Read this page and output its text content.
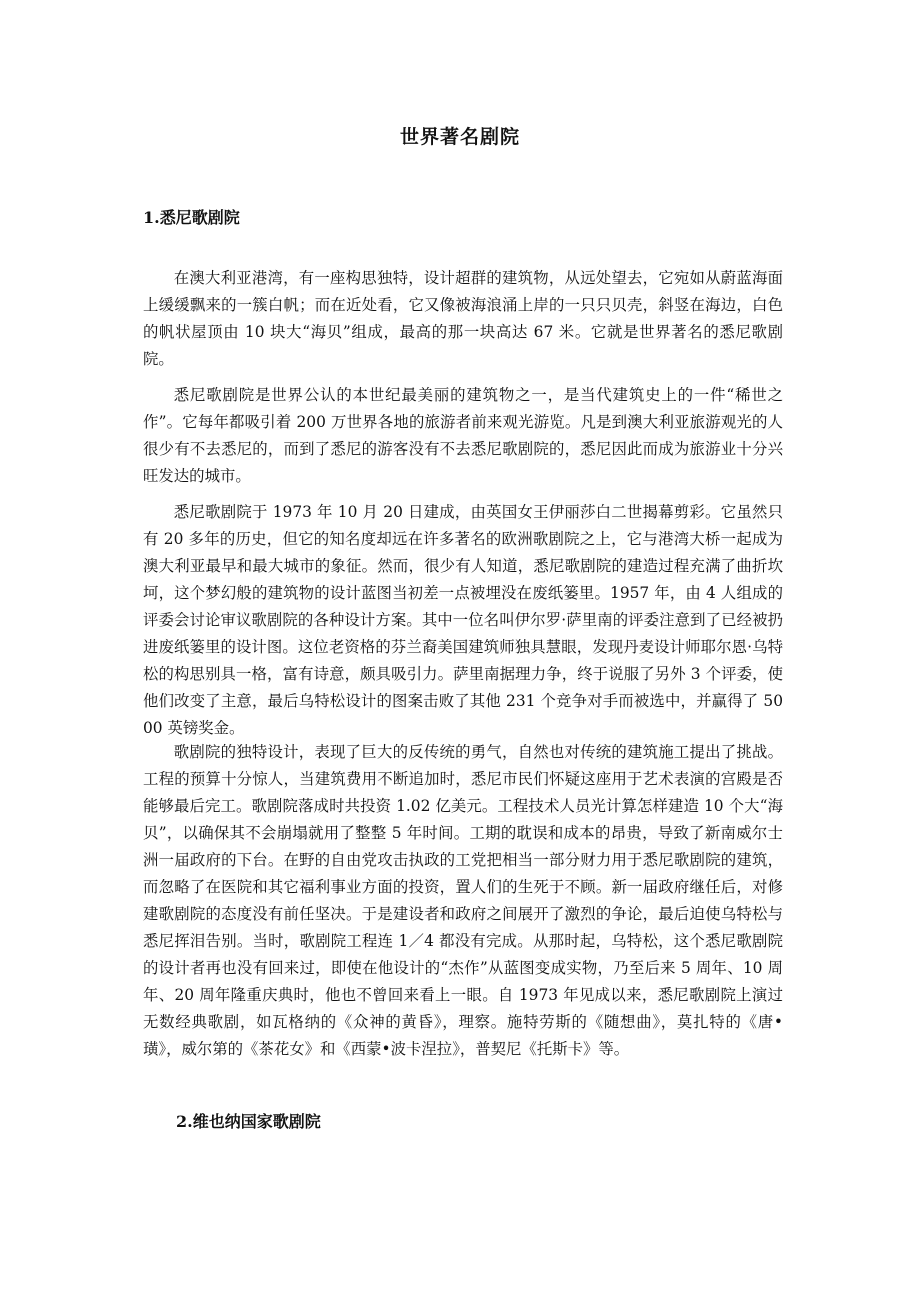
世界著名剧院
1.悉尼歌剧院

在澳大利亚港湾，有一座构思独特，设计超群的建筑物，从远处望去，它宛如从蔚蓝海面上缓缓飘来的一簇白帆；而在近处看，它又像被海浪涌上岸的一只只贝壳，斜竖在海边，白色的帆状屋顶由 10 块大“海贝”组成，最高的那一块高达 67 米。它就是世界著名的悉尼歌剧院。

悉尼歌剧院是世界公认的本世纪最美丽的建筑物之一，是当代建筑史上的一件“稀世之作”。它每年都吸引着 200 万世界各地的旅游者前来观光游览。凡是到澳大利亚旅游观光的人很少有不去悉尼的，而到了悉尼的游客没有不去悉尼歌剧院的，悉尼因此而成为旅游业十分兴旺发达的城市。

悉尼歌剧院于 1973 年 10 月 20 日建成，由英国女王伊丽莎白二世揭幕剪彩。它虽然只有 20 多年的历史，但它的知名度却远在许多著名的欧洲歌剧院之上，它与港湾大桥一起成为澳大利亚最早和最大城市的象征。然而，很少有人知道，悉尼歌剧院的建造过程充满了曲折坎坷，这个梦幻般的建筑物的设计蓝图当初差一点被埋没在废纸篓里。1957 年，由 4 人组成的评委会讨论审议歌剧院的各种设计方案。其中一位名叫伊尔罗·萨里南的评委注意到了已经被扔进废纸篓里的设计图。这位老资格的芬兰裔美国建筑师独具慧眼，发现丹麦设计师耶尔恩·乌特松的构思别具一格，富有诗意，颇具吸引力。萨里南据理力争，终于说服了另外 3 个评委，使他们改变了主意，最后乌特松设计的图案击败了其他 231 个竞争对手而被选中，并赢得了 5000 英镑奖金。

歌剧院的独特设计，表现了巨大的反传统的勇气，自然也对传统的建筑施工提出了挑战。工程的预算十分惊人，当建筑费用不断追加时，悉尼市民们怀疑这座用于艺术表演的宫殿是否能够最后完工。歌剧院落成时共投资 1.02 亿美元。工程技术人员光计算怎样建造 10 个大“海贝”，以确保其不会崩塌就用了整整 5 年时间。工期的耽误和成本的昂贵，导致了新南威尔士洲一届政府的下台。在野的自由党攻击执政的工党把相当一部分财力用于悉尼歌剧院的建筑，而忽略了在医院和其它福利事业方面的投资，置人们的生死于不顾。新一届政府继任后，对修建歌剧院的态度没有前任坚决。于是建设者和政府之间展开了激烈的争论，最后迫使乌特松与悉尼挥泪告别。当时，歌剧院工程连 1／4 都没有完成。从那时起，乌特松，这个悉尼歌剧院的设计者再也没有回来过，即使在他设计的“杰作”从蓝图变成实物，乃至后来 5 周年、10 周年、20 周年隆重庆典时，他也不曾回来看上一眼。自 1973 年见成以来，悉尼歌剧院上演过无数经典歌剧，如瓦格纳的《众神的黄昏》，理察。施特劳斯的《随想曲》，莫扎特的《唐•璜》，威尔第的《茶花女》和《西蒙•波卡涅拉》，普契尼《托斯卡》等。

2.维也纳国家歌剧院
